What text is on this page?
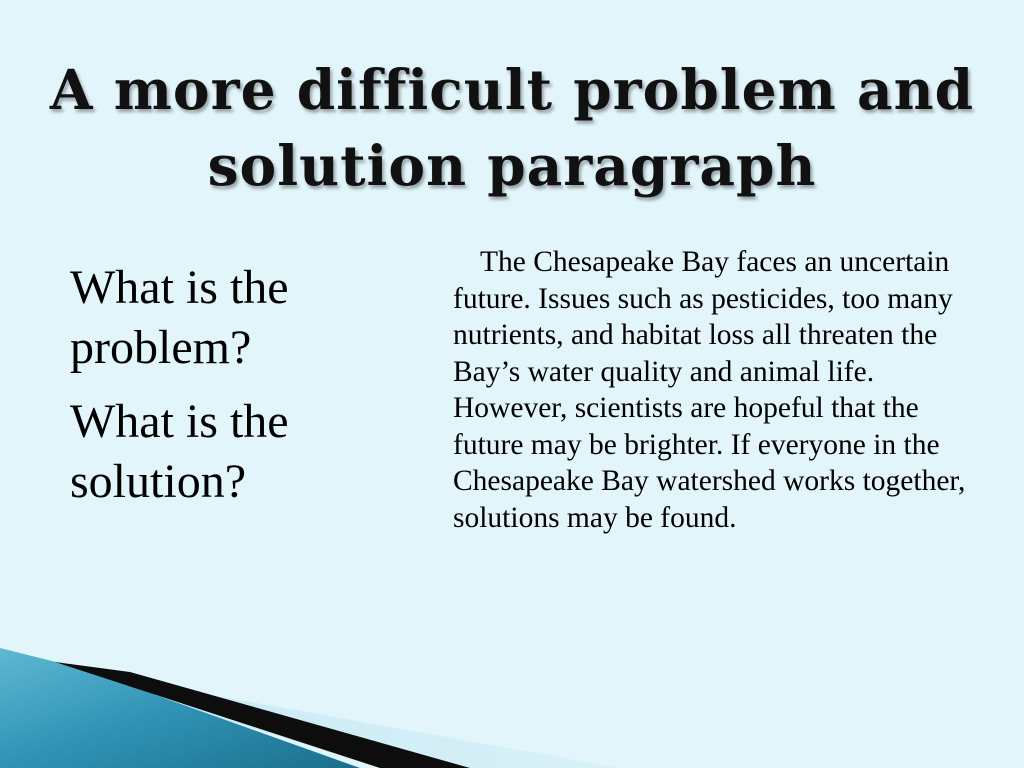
A more difficult problem and solution paragraph

What is the problem?

What is the solution?

The Chesapeake Bay faces an uncertain future. Issues such as pesticides, too many nutrients, and habitat loss all threaten the Bay’s water quality and animal life. However, scientists are hopeful that the future may be brighter. If everyone in the Chesapeake Bay watershed works together, solutions may be found.
